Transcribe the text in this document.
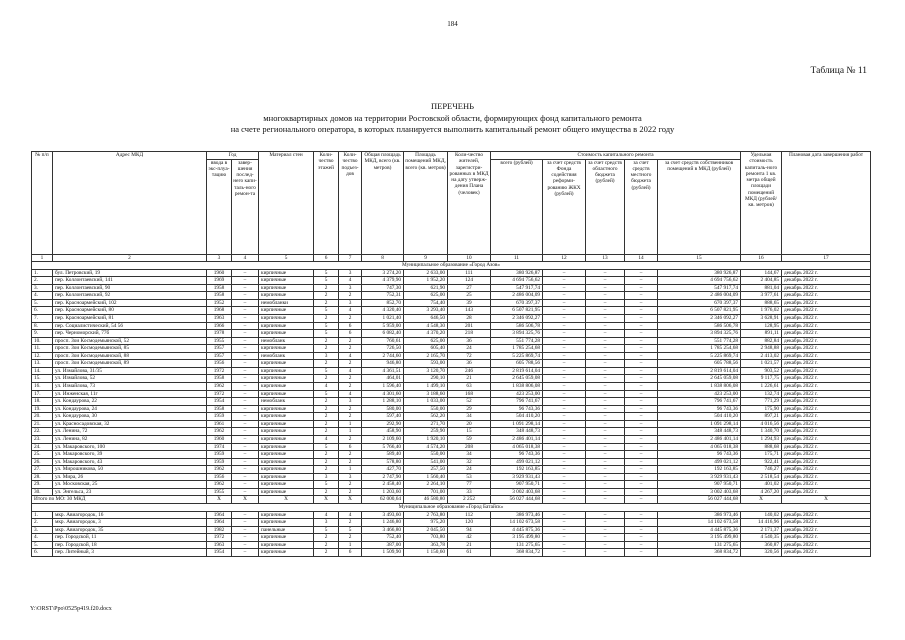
184
Таблица № 11
ПЕРЕЧЕНЬ
многоквартирных домов на территории Ростовской области, формирующих фонд капитального ремонта
на счете регионального оператора, в которых планируется выполнить капитальный ремонт общего имущества в 2022 году
№ п/п	Адрес МКД	Год		Материал стен	Коли-чество этажей	Коли-чество подъез-дов	Общая площадь МКД, всего (кв. метров)	Площадь помещений МКД, всего (кв. метров)	Коли-чество жителей, зарегистри-рованных в МКД на дату утверж-дения Плана (человек)	Стоимость капитального ремонта					Удельная стоимость капиталь-ного ремонта 1 кв. метра общей площади помещений МКД (рублей/ кв. метров)	Плановая дата завершения работ
		ввода в экс-плуа-тацию	завер-шения послед-него капи-таль-ного ремон-та							всего (рублей)	за счет средств Фонда содействия реформи-рованию ЖКХ (рублей)	за счет средств областного бюджета (рублей)	за счет средств местного бюджета (рублей)	за счет средств собственников помещений в МКД (рублей)		
1	2	3	4	5	6	7	8	9	10	11	12	13	14	15	16	17
Муниципальное образование «Город Азов»																
1.	бул. Петровский, 19	1960	–	кирпичные	5	3	3 274,20	2 633,00	111	380 926,87	–	–	–	380 926,87	144,67	декабрь 2022 г.
2.	пер. Коллонтаевский, 141	1969	–	кирпичные	5	4	4 379,90	1 952,20	124	4 694 756,62	–	–	–	4 694 756,62	2 404,85	декабрь 2022 г.
3.	пер. Коллонтаевский, 90	1958	–	кирпичные	2	3	747,30	621,90	27	547 917,74	–	–	–	547 917,74	881,04	декабрь 2022 г.
4.	пер. Коллонтаевский, 92	1958	–	кирпичные	2	2	752,31	625,00	25	2 486 004,09	–	–	–	2 486 004,09	3 977,61	декабрь 2022 г.
5.	пер. Красноармейский, 102	1952	–	немобланки	2	3	852,70	754,40	39	670 397,37	–	–	–	670 397,37	888,65	декабрь 2022 г.
6.	пер. Красноармейский, 80	1968	–	кирпичные	5	4	4 320,40	3 293,40	143	6 507 821,95	–	–	–	6 507 821,95	1 976,02	декабрь 2022 г.
7.	пер. Красноармейский, 81	1963	–	кирпичные	2	2	1 021,40	646,50	28	2 346 092,27	–	–	–	2 346 092,27	3 628,91	декабрь 2022 г.
8.	пер. Социалистический, 54 56	1966	–	кирпичные	5	6	5 959,00	4 548,30	201	586 506,78	–	–	–	586 506,78	128,95	декабрь 2022 г.
9.	пер. Черноморский, 77б	1978	–	кирпичные	5	6	6 082,40	4 370,20	218	3 894 325,76	–	–	–	3 894 325,76	891,11	декабрь 2022 г.
10.	просп. Зои Космодемьянской, 52	1955	–	немобланк	2	2	760,61	625,00	36	551 774,28	–	–	–	551 774,28	882,84	декабрь 2022 г.
11.	просп. Зои Космодемьянской, 85	1957	–	кирпичные	2	2	726,50	605,40	24	1 785 254,68	–	–	–	1 785 254,68	2 948,88	декабрь 2022 г.
12.	просп. Зои Космодемьянской, 88	1957	–	немобланк	3	4	2 744,60	2 165,70	72	5 225 869,74	–	–	–	5 225 869,74	2 413,02	декабрь 2022 г.
13.	просп. Зои Космодемьянской, 89	1956	–	кирпичные	2	2	946,80	593,00	36	605 788,56	–	–	–	605 788,56	1 021,57	декабрь 2022 г.
14.	ул. Измайлова, 31/35	1972	–	кирпичные	5	4	4 361,51	3 120,70	246	2 819 614,04	–	–	–	2 819 614,04	903,52	декабрь 2022 г.
15.	ул. Измайлова, 52	1958	–	кирпичные	2	2	464,01	290,10	21	2 645 059,08	–	–	–	2 645 059,08	9 117,75	декабрь 2022 г.
16.	ул. Измайлова, 73	1962	–	кирпичные	4	2	1 596,40	1 499,10	63	1 838 806,08	–	–	–	1 838 806,08	1 226,61	декабрь 2022 г.
17.	ул. Инженская, 11г	1972	–	кирпичные	5	4	4 301,60	3 188,60	168	423 253,00	–	–	–	423 253,00	132,74	декабрь 2022 г.
18.	ул. Кондаурова, 22	1954	–	немобланк	2	3	1 288,10	1 033,00	52	796 741,67	–	–	–	796 741,67	771,29	декабрь 2022 г.
19.	ул. Кондаурова, 24	1958	–	кирпичные	2	2	580,00	550,00	29	96 743,36	–	–	–	96 743,36	175,90	декабрь 2022 г.
20.	ул. Кондаурова, 30	1959	–	кирпичные	2	2	597,40	562,20	34	504 410,20	–	–	–	504 410,20	897,21	декабрь 2022 г.
21.	ул. Красносадовская, 32	1961	–	кирпичные	2	1	292,90	271,70	20	1 091 298,14	–	–	–	1 091 298,14	4 016,56	декабрь 2022 г.
22.	ул. Ленина, 72	1962	–	кирпичные	2	1	458,90	259,90	15	348 448,73	–	–	–	348 448,73	1 340,70	декабрь 2022 г.
23.	ул. Ленина, 82	1960	–	кирпичные	4	2	2 109,60	1 920,10	59	2 486 401,14	–	–	–	2 486 401,14	1 294,93	декабрь 2022 г.
24.	ул. Макаровского, 100	1974	–	кирпичные	5	6	5 766,40	4 574,20	208	4 065 018,38	–	–	–	4 065 018,38	888,68	декабрь 2022 г.
25.	ул. Макаровского, 39	1959	–	кирпичные	2	2	589,40	550,00	34	96 743,36	–	–	–	96 743,36	175,71	декабрь 2022 г.
26.	ул. Макаровского, 43	1959	–	кирпичные	2	2	578,80	541,00	32	499 021,12	–	–	–	499 021,12	922,41	декабрь 2022 г.
27.	ул. Мирошникова, 50	1962	–	кирпичные	2	1	427,70	257,50	24	192 163,85	–	–	–	192 163,85	746,27	декабрь 2022 г.
28.	ул. Мира, 26	1956	–	кирпичные	3	3	2 747,90	1 560,40	53	3 929 931,43	–	–	–	3 929 931,43	2 518,54	декабрь 2022 г.
29.	ул. Московская, 25	1962	–	кирпичные	5	2	2 458,40	2 264,10	77	907 950,71	–	–	–	907 950,71	401,02	декабрь 2022 г.
30.	ул. Энгельса, 23	1955	–	кирпичные	2	2	1 203,60	701,00	33	3 002 403,68	–	–	–	3 002 403,68	4 267,20	декабрь 2022 г.
Итого по МО: 30 МКД		X	X	X	X	X	62 000,64	46 580,80	2 252	56 027 444,68	–	–	–	56 027 444,68	X	X
Муниципальное образование «Город Батайск»																
1.	мкр. Авиагородок, 16	1964	–	кирпичные	4	4	3 493,60	2 763,80	112	386 973,46	–	–	–	386 973,46	140,02	декабрь 2022 г.
2.	мкр. Авиагородок, 3	1964	–	кирпичные	3	2	1 246,80	975,20	120	14 102 673,58	–	–	–	14 102 673,58	14 416,96	декабрь 2022 г.
3.	мкр. Авиагородок, 35	1982	–	панельные	5	5	3 466,80	2 045,50	94	4 445 875,36	–	–	–	4 445 875,36	2 171,37	декабрь 2022 г.
4.	пер. Городской, 11	1972	–	кирпичные	2	2	752,40	703,80	42	3 195 499,80	–	–	–	3 195 499,80	4 540,35	декабрь 2022 г.
5.	пер. Городской, 18	1963	–	кирпичные	2	1	387,00	363,78	21	131 275,65	–	–	–	131 275,65	360,87	декабрь 2022 г.
6.	пер. Литейный, 3	1954	–	кирпичные	2	6	1 509,90	1 150,60	61	368 834,72	–	–	–	368 834,72	320,56	декабрь 2022 г.
Y:\ORST\Ppo\0525p419.f20.docx
